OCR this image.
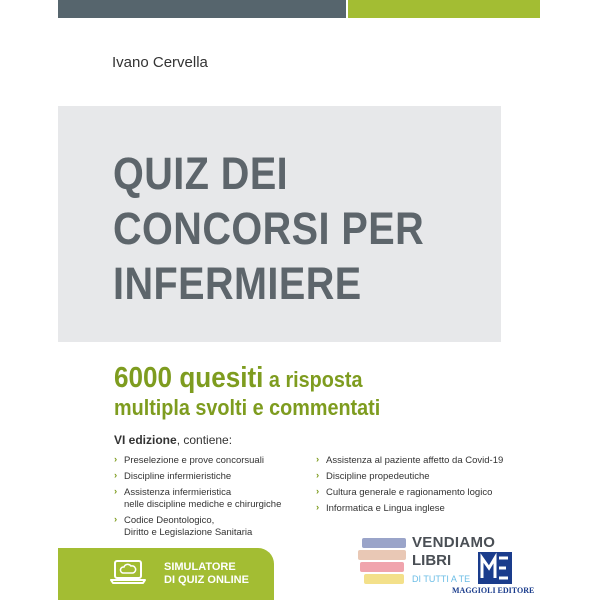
Ivano Cervella
QUIZ DEI
CONCORSI PER
INFERMIERE
6000 quesiti a risposta
multipla svolti e commentati
VI edizione, contiene:
› Preselezione e prove concorsuali
› Discipline infermieristiche
› Assistenza infermieristica
nelle discipline mediche e chirurgiche
› Codice Deontologico,
Diritto e Legislazione Sanitaria
› Assistenza al paziente affetto da Covid-19
› Discipline propedeutiche
› Cultura generale e ragionamento logico
› Informatica e Lingua inglese
SIMULATORE
DI QUIZ ONLINE
VENDIAMO
LIBRI
DI TUTTI A TE
MAGGIOLI EDITORE
